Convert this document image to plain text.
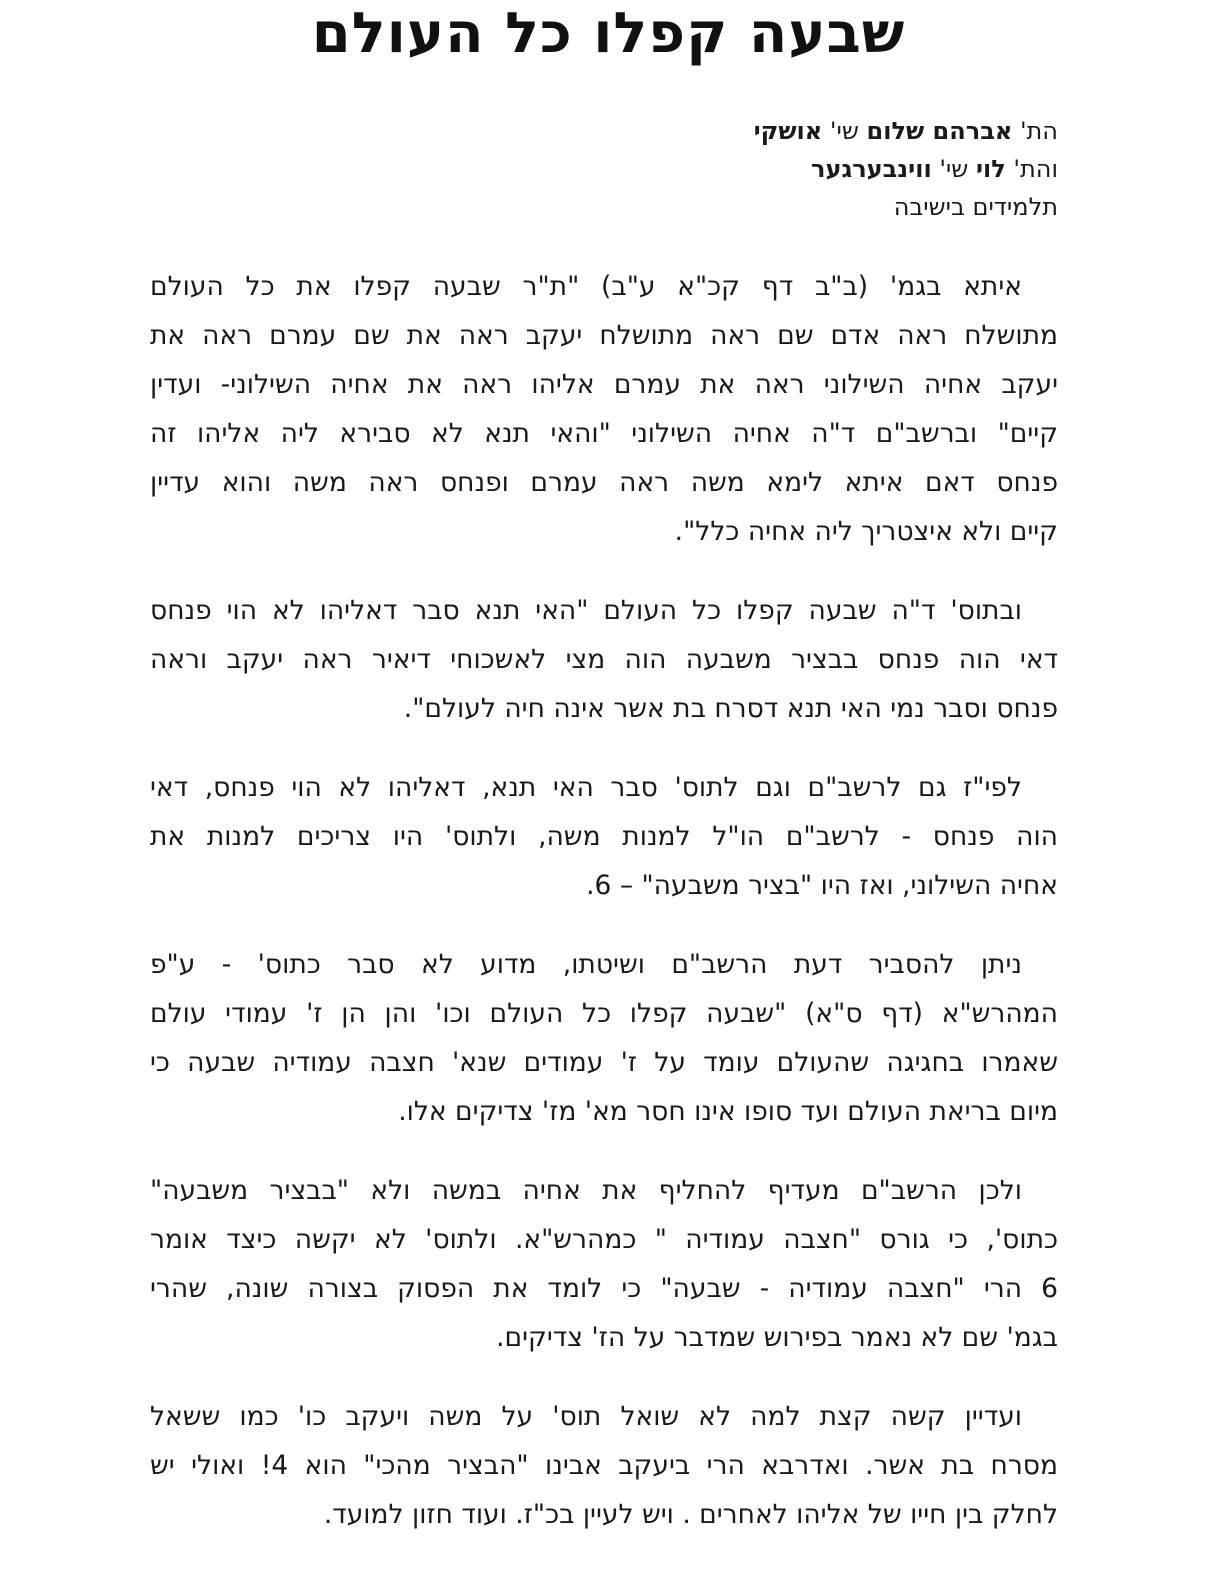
שבעה קפלו כל העולם
הת' אברהם שלום שי' אושקי
והת' לוי שי' ווינבערגער
תלמידים בישיבה

איתא בגמ' (ב"ב דף קכ"א ע"ב) "ת"ר שבעה קפלו את כל העולם
מתושלח ראה אדם שם ראה מתושלח יעקב ראה את שם עמרם ראה את
יעקב אחיה השילוני ראה את עמרם אליהו ראה את אחיה השילוני- ועדין
קיים" וברשב"ם ד"ה אחיה השילוני "והאי תנא לא סבירא ליה אליהו זה
פנחס דאם איתא לימא משה ראה עמרם ופנחס ראה משה והוא עדיין
קיים ולא איצטריך ליה אחיה כלל".

ובתוס' ד"ה שבעה קפלו כל העולם "האי תנא סבר דאליהו לא הוי פנחס
דאי הוה פנחס בבציר משבעה הוה מצי לאשכוחי דיאיר ראה יעקב וראה
פנחס וסבר נמי האי תנא דסרח בת אשר אינה חיה לעולם".

לפי"ז גם לרשב"ם וגם לתוס' סבר האי תנא, דאליהו לא הוי פנחס, דאי
הוה פנחס - לרשב"ם הו"ל למנות משה, ולתוס' היו צריכים למנות את
אחיה השילוני, ואז היו "בציר משבעה" – 6.

ניתן להסביר דעת הרשב"ם ושיטתו, מדוע לא סבר כתוס' - ע"פ
המהרש"א (דף ס"א) "שבעה קפלו כל העולם וכו' והן הן ז' עמודי עולם
שאמרו בחגיגה שהעולם עומד על ז' עמודים שנא' חצבה עמודיה שבעה כי
מיום בריאת העולם ועד סופו אינו חסר מא' מז' צדיקים אלו.

ולכן הרשב"ם מעדיף להחליף את אחיה במשה ולא "בבציר משבעה"
כתוס', כי גורס "חצבה עמודיה " כמהרש"א. ולתוס' לא יקשה כיצד אומר
6 הרי "חצבה עמודיה - שבעה" כי לומד את הפסוק בצורה שונה, שהרי
בגמ' שם לא נאמר בפירוש שמדבר על הז' צדיקים.

ועדיין קשה קצת למה לא שואל תוס' על משה ויעקב כו' כמו ששאל
מסרח בת אשר. ואדרבא הרי ביעקב אבינו "הבציר מהכי" הוא 4! ואולי יש
לחלק בין חייו של אליהו לאחרים . ויש לעיין בכ"ז. ועוד חזון למועד.
